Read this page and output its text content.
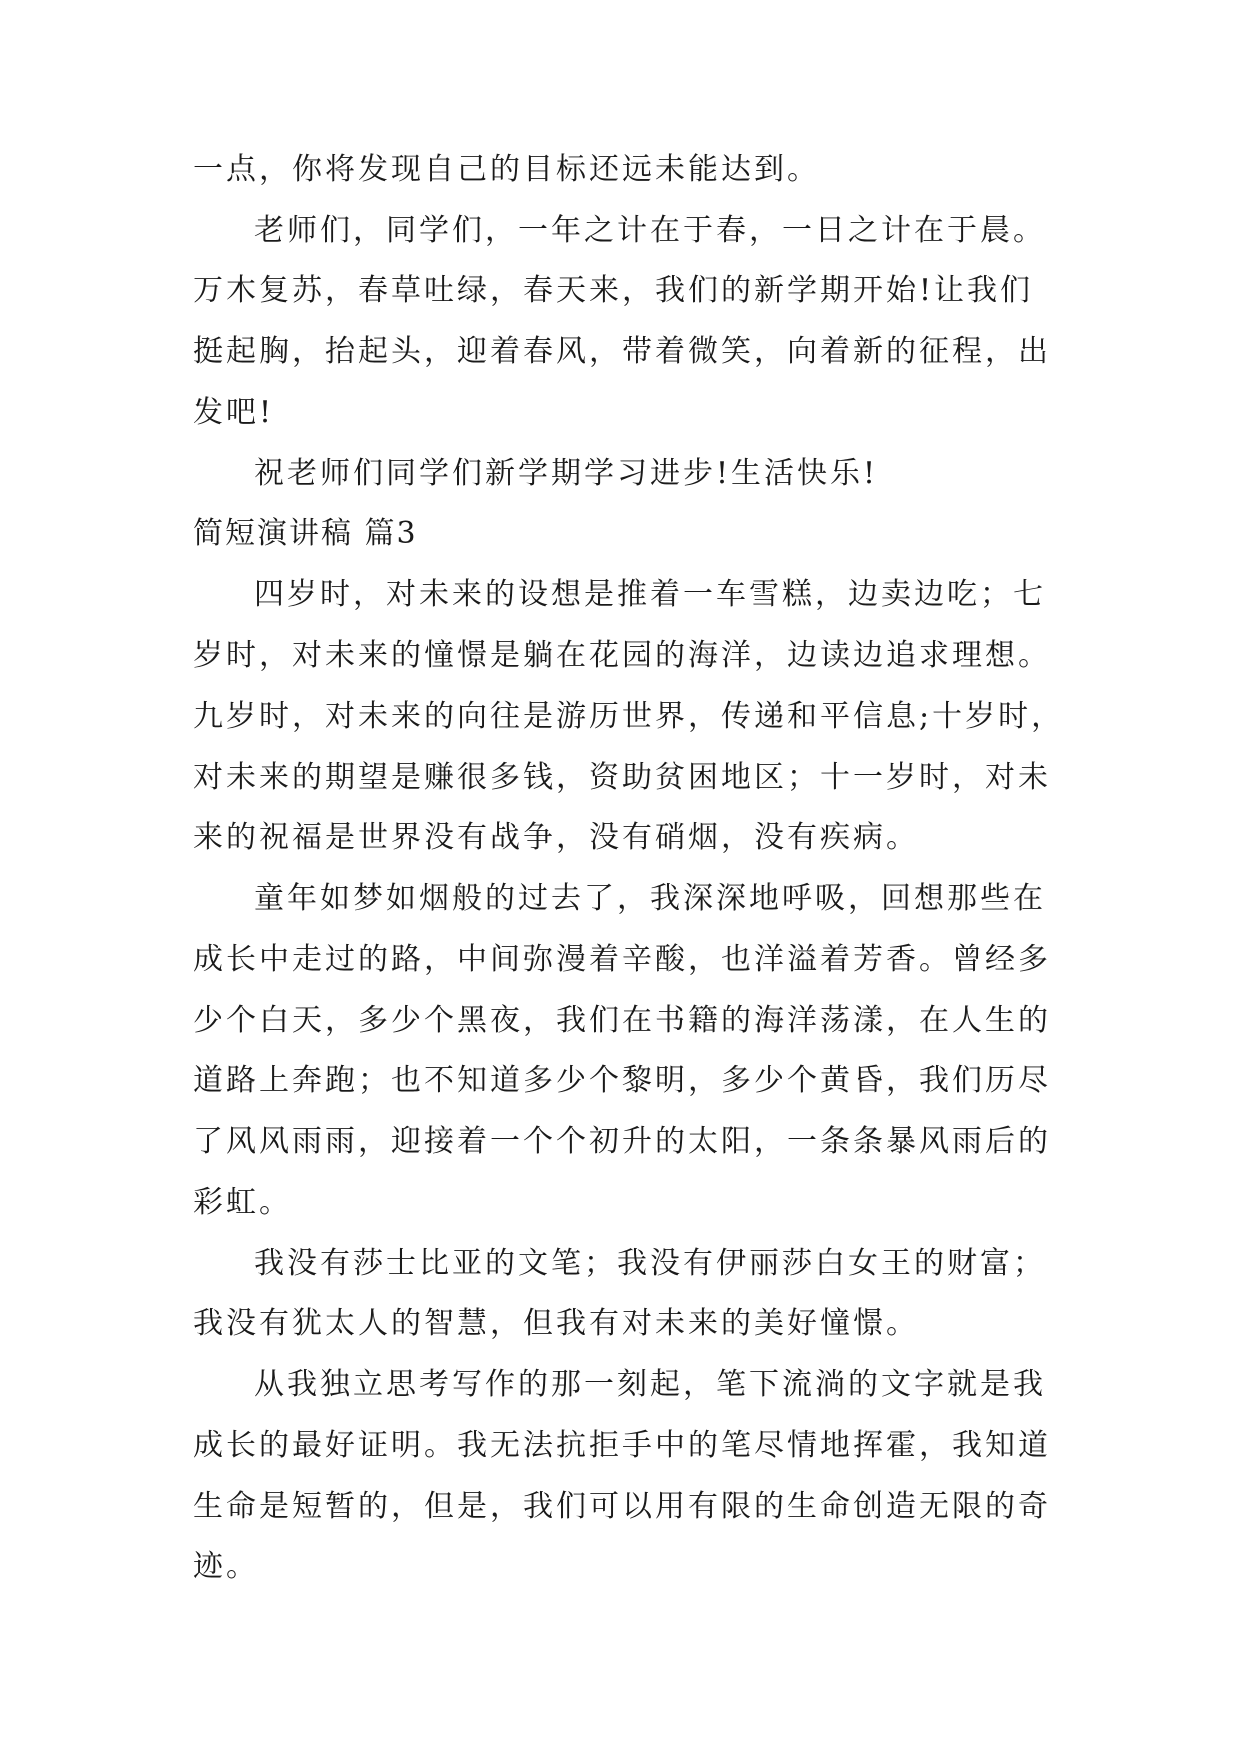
一点，你将发现自己的目标还远未能达到。

老师们，同学们，一年之计在于春，一日之计在于晨。

万木复苏，春草吐绿，春天来，我们的新学期开始!让我们

挺起胸，抬起头，迎着春风，带着微笑，向着新的征程，出

发吧!

祝老师们同学们新学期学习进步!生活快乐!

简短演讲稿 篇3

四岁时，对未来的设想是推着一车雪糕，边卖边吃；七

岁时，对未来的憧憬是躺在花园的海洋，边读边追求理想。

九岁时，对未来的向往是游历世界，传递和平信息;十岁时，

对未来的期望是赚很多钱，资助贫困地区；十一岁时，对未

来的祝福是世界没有战争，没有硝烟，没有疾病。

童年如梦如烟般的过去了，我深深地呼吸，回想那些在

成长中走过的路，中间弥漫着辛酸，也洋溢着芳香。曾经多

少个白天，多少个黑夜，我们在书籍的海洋荡漾，在人生的

道路上奔跑；也不知道多少个黎明，多少个黄昏，我们历尽

了风风雨雨，迎接着一个个初升的太阳，一条条暴风雨后的

彩虹。

我没有莎士比亚的文笔；我没有伊丽莎白女王的财富；

我没有犹太人的智慧，但我有对未来的美好憧憬。

从我独立思考写作的那一刻起，笔下流淌的文字就是我

成长的最好证明。我无法抗拒手中的笔尽情地挥霍，我知道

生命是短暂的，但是，我们可以用有限的生命创造无限的奇

迹。
